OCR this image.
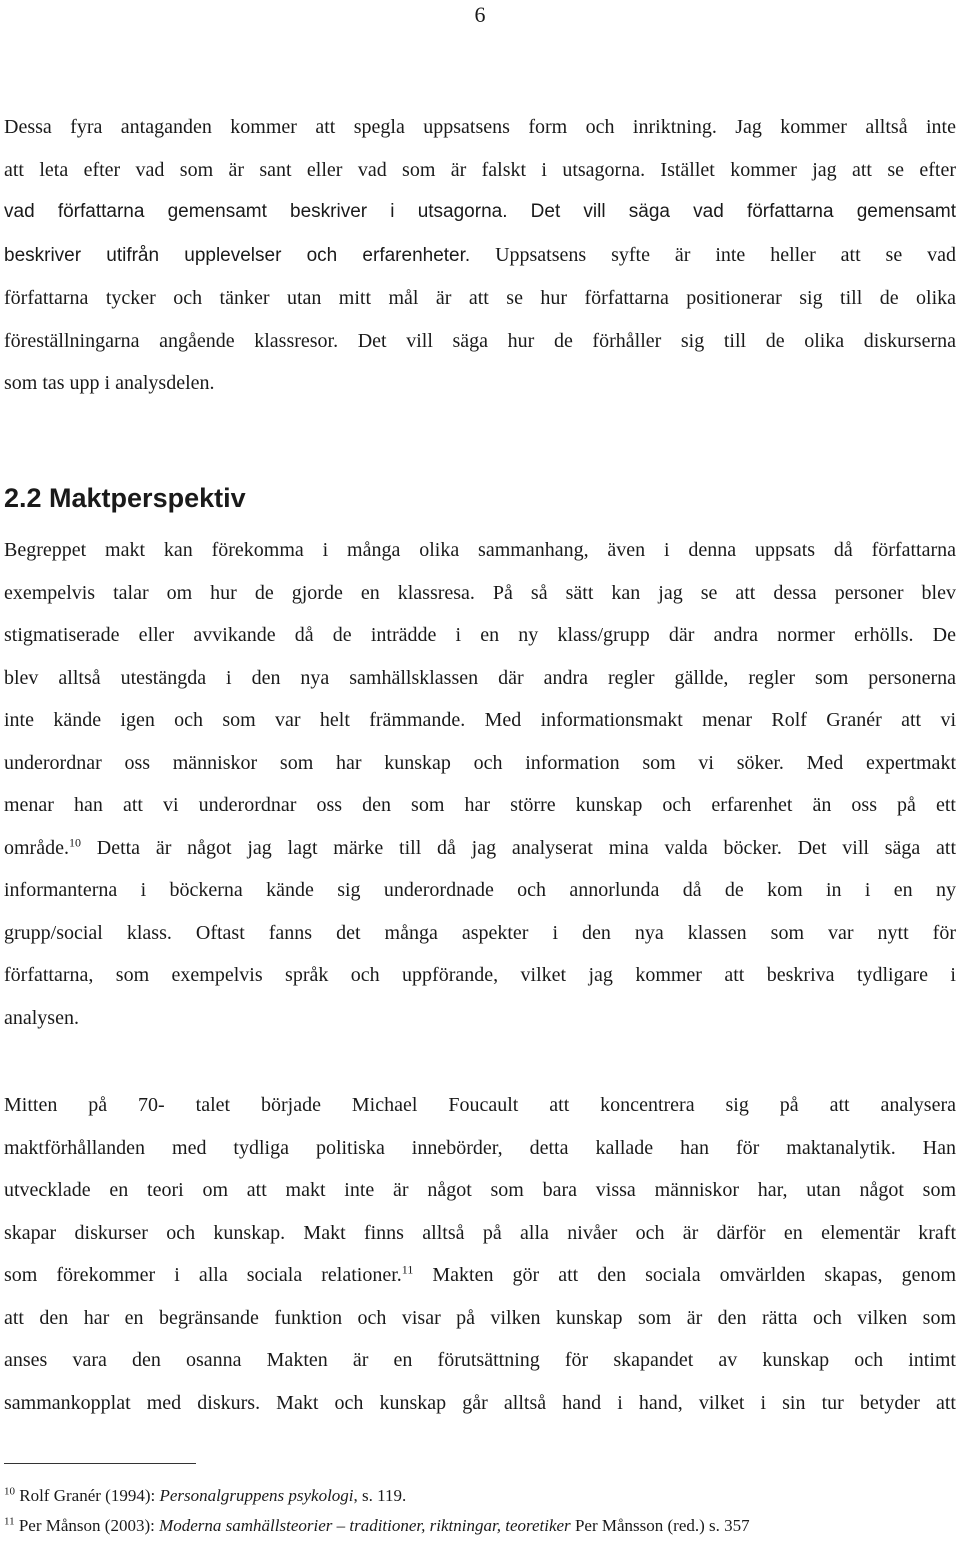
6
Dessa fyra antaganden kommer att spegla uppsatsens form och inriktning. Jag kommer alltså inte
att leta efter vad som är sant eller vad som är falskt i utsagorna. Istället kommer jag att se efter
vad författarna gemensamt beskriver i utsagorna. Det vill säga vad författarna gemensamt
beskriver utifrån upplevelser och erfarenheter. Uppsatsens syfte är inte heller att se vad
författarna tycker och tänker utan mitt mål är att se hur författarna positionerar sig till de olika
föreställningarna angående klassresor. Det vill säga hur de förhåller sig till de olika diskurserna
som tas upp i analysdelen.
2.2 Maktperspektiv
Begreppet makt kan förekomma i många olika sammanhang, även i denna uppsats då författarna
exempelvis talar om hur de gjorde en klassresa. På så sätt kan jag se att dessa personer blev
stigmatiserade eller avvikande då de inträdde i en ny klass/grupp där andra normer erhölls. De
blev alltså utestängda i den nya samhällsklassen där andra regler gällde, regler som personerna
inte kände igen och som var helt främmande. Med informationsmakt menar Rolf Granér att vi
underordnar oss människor som har kunskap och information som vi söker. Med expertmakt
menar han att vi underordnar oss den som har större kunskap och erfarenhet än oss på ett
område.$^{10}$ Detta är något jag lagt märke till då jag analyserat mina valda böcker. Det vill säga att
informanterna i böckerna kände sig underordnade och annorlunda då de kom in i en ny
grupp/social klass. Oftast fanns det många aspekter i den nya klassen som var nytt för
författarna, som exempelvis språk och uppförande, vilket jag kommer att beskriva tydligare i
analysen.
Mitten på 70- talet började Michael Foucault att koncentrera sig på att analysera
maktförhållanden med tydliga politiska innebörder, detta kallade han för maktanalytik. Han
utvecklade en teori om att makt inte är något som bara vissa människor har, utan något som
skapar diskurser och kunskap. Makt finns alltså på alla nivåer och är därför en elementär kraft
som förekommer i alla sociala relationer.$^{11}$ Makten gör att den sociala omvärlden skapas, genom
att den har en begränsande funktion och visar på vilken kunskap som är den rätta och vilken som
anses vara den osanna Makten är en förutsättning för skapandet av kunskap och intimt
sammankopplat med diskurs. Makt och kunskap går alltså hand i hand, vilket i sin tur betyder att
$^{10}$ Rolf Granér (1994): Personalgruppens psykologi, s. 119.
$^{11}$ Per Månson (2003): Moderna samhällsteorier – traditioner, riktningar, teoretiker Per Månsson (red.) s. 357
